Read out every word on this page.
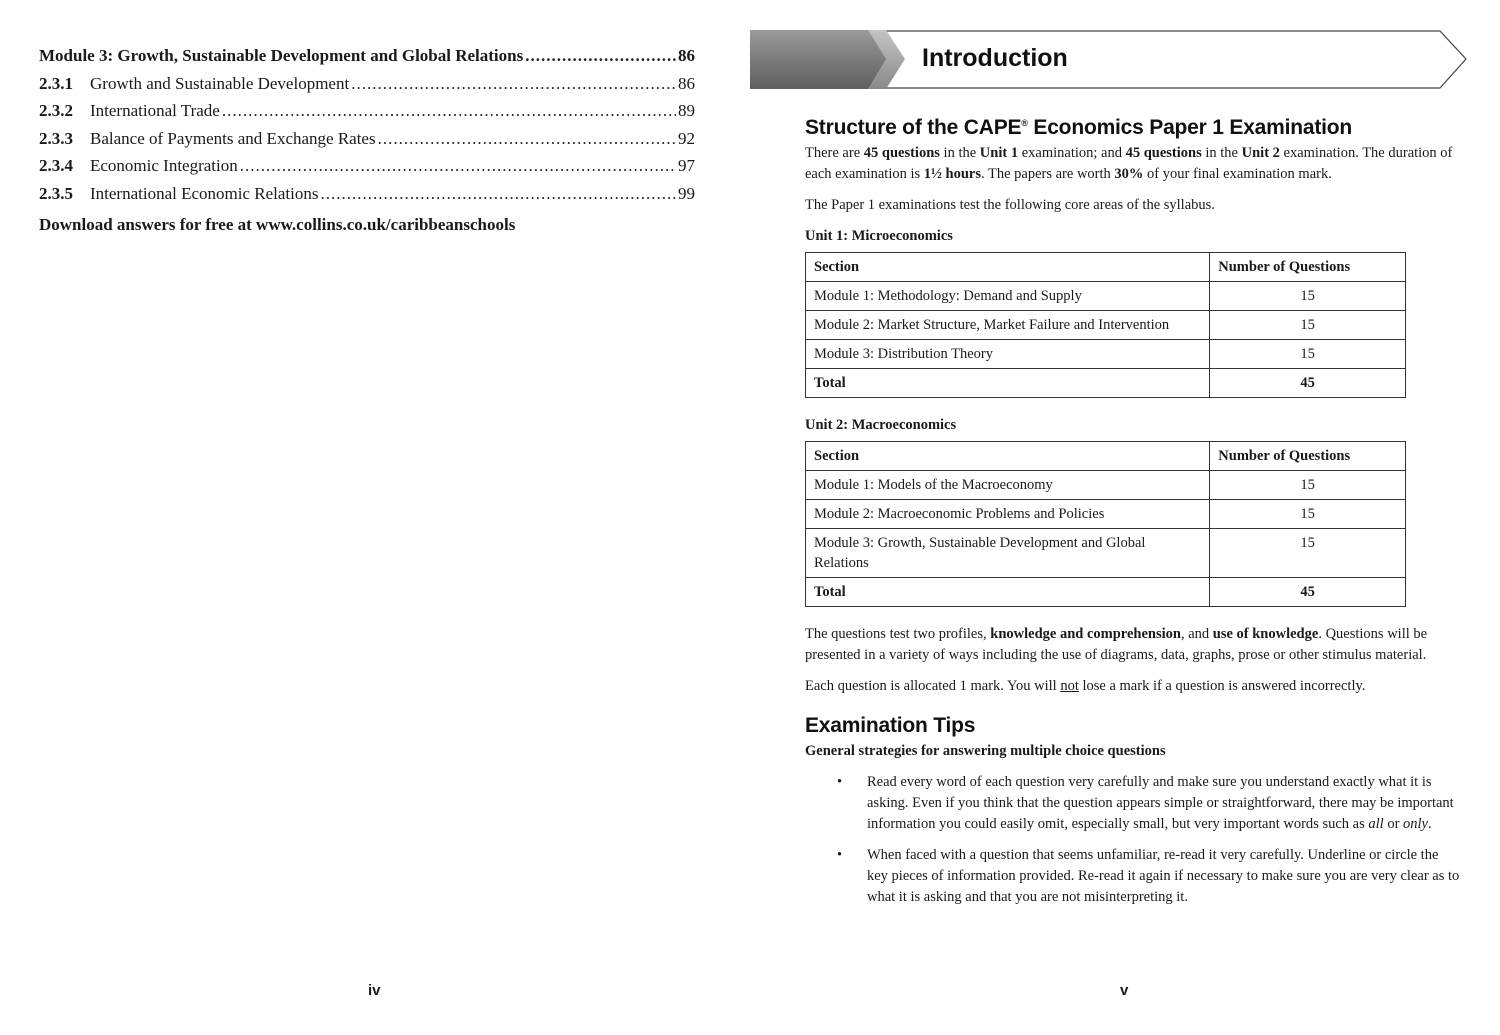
Module 3: Growth, Sustainable Development and Global Relations .....	86
2.3.1	Growth and Sustainable Development .....	86
2.3.2	International Trade .....	89
2.3.3	Balance of Payments and Exchange Rates .....	92
2.3.4	Economic Integration .....	97
2.3.5	International Economic Relations .....	99
Download answers for free at www.collins.co.uk/caribbeanschools
iv
Introduction
Structure of the CAPE® Economics Paper 1 Examination

There are 45 questions in the Unit 1 examination; and 45 questions in the Unit 2 examination. The duration of each examination is 1½ hours. The papers are worth 30% of your final examination mark.

The Paper 1 examinations test the following core areas of the syllabus.

Unit 1: Microeconomics
Section	Number of Questions
Module 1: Methodology: Demand and Supply	15
Module 2: Market Structure, Market Failure and Intervention	15
Module 3: Distribution Theory	15
Total	45
Unit 2: Macroeconomics
Section	Number of Questions
Module 1: Models of the Macroeconomy	15
Module 2: Macroeconomic Problems and Policies	15
Module 3: Growth, Sustainable Development and Global Relations	15
Total	45

The questions test two profiles, knowledge and comprehension, and use of knowledge. Questions will be presented in a variety of ways including the use of diagrams, data, graphs, prose or other stimulus material.

Each question is allocated 1 mark. You will not lose a mark if a question is answered incorrectly.

Examination Tips
General strategies for answering multiple choice questions
• Read every word of each question very carefully and make sure you understand exactly what it is asking. Even if you think that the question appears simple or straightforward, there may be important information you could easily omit, especially small, but very important words such as all or only.
• When faced with a question that seems unfamiliar, re-read it very carefully. Underline or circle the key pieces of information provided. Re-read it again if necessary to make sure you are very clear as to what it is asking and that you are not misinterpreting it.
v
